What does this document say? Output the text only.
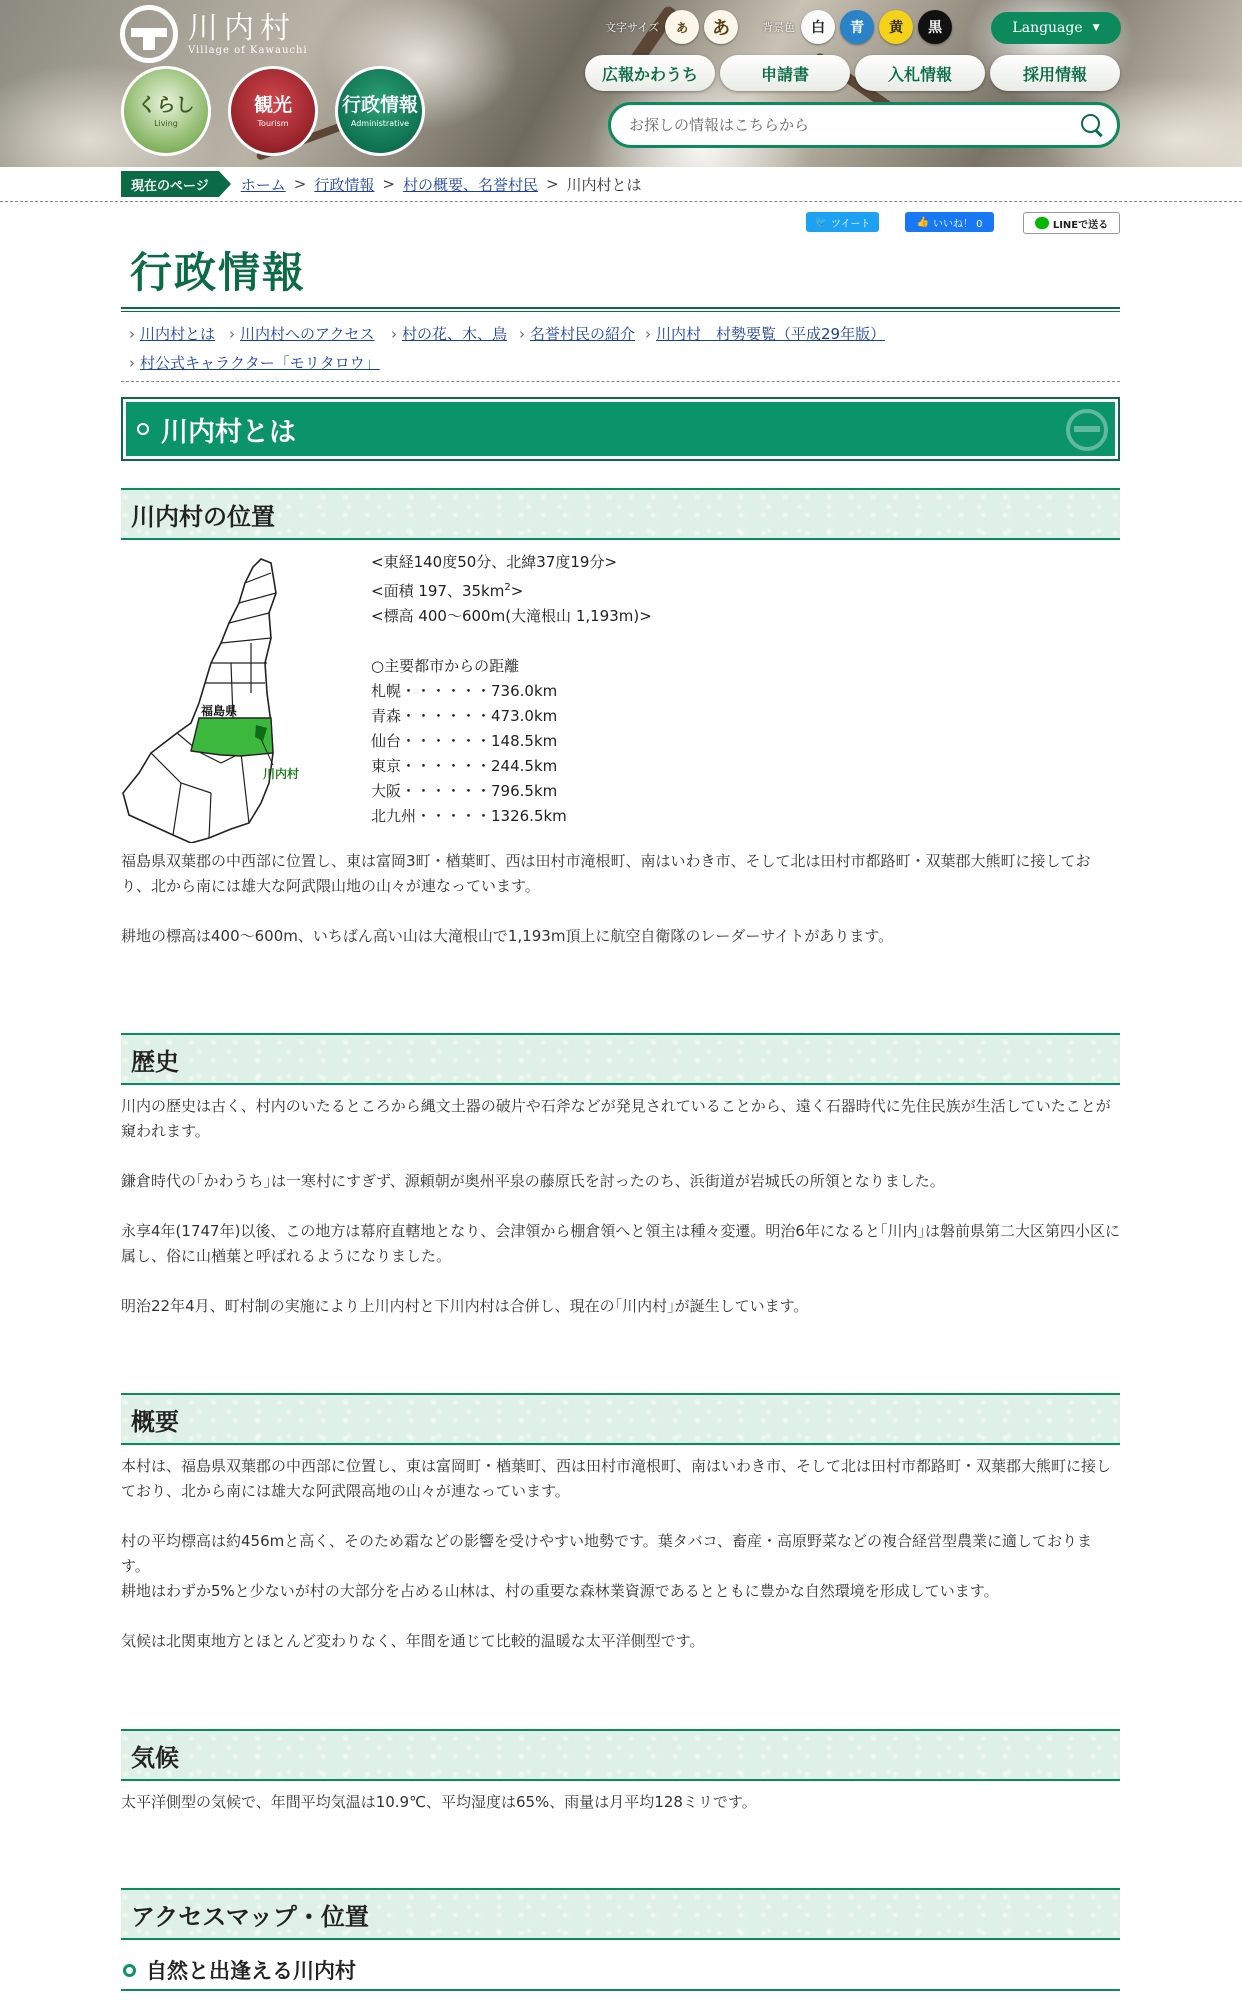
川内村
Village of Kawauchi
くらし
Living
観光
Tourism
行政情報
Administrative
文字サイズ	あ	あ	背景色	白	青	黄	黒	Language ▼
広報かわうち	申請書	入札情報	採用情報
お探しの情報はこちらから
現在のページ	ホーム > 行政情報 > 村の概要、名誉村民 > 川内村とは
🐦 ツイート	👍 いいね！ 0	LINEで送る
行政情報
› 川内村とは	› 川内村へのアクセス	› 村の花、木、鳥	› 名誉村民の紹介	› 川内村　村勢要覧（平成29年版）
› 村公式キャラクター「モリタロウ」
川内村とは
川内村の位置
福島県
川内村
<東経140度50分、北緯37度19分>
<面積 197、$35km^2>$
<標高 400～600m(大滝根山 1,193m)>
○主要都市からの距離
札幌・・・・・・736.0km
青森・・・・・・473.0km
仙台・・・・・・148.5km
東京・・・・・・244.5km
大阪・・・・・・796.5km
北九州・・・・・1326.5km

福島県双葉郡の中西部に位置し、東は富岡3町・楢葉町、西は田村市滝根町、南はいわき市、そして北は田村市都路町・双葉郡大熊町に接しており、北から南には雄大な阿武隈山地の山々が連なっています。

耕地の標高は400～600m、いちばん高い山は大滝根山で1,193m頂上に航空自衛隊のレーダーサイトがあります。

歴史

川内の歴史は古く、村内のいたるところから縄文土器の破片や石斧などが発見されていることから、遠く石器時代に先住民族が生活していたことが窺われます。

鎌倉時代の｢かわうち｣は一寒村にすぎず、源頼朝が奥州平泉の藤原氏を討ったのち、浜街道が岩城氏の所領となりました。

永享4年(1747年)以後、この地方は幕府直轄地となり、会津領から棚倉領へと領主は種々変遷。明治6年になると｢川内｣は磐前県第二大区第四小区に属し、俗に山楢葉と呼ばれるようになりました。

明治22年4月、町村制の実施により上川内村と下川内村は合併し、現在の｢川内村｣が誕生しています。

概要

本村は、福島県双葉郡の中西部に位置し、東は富岡町・楢葉町、西は田村市滝根町、南はいわき市、そして北は田村市都路町・双葉郡大熊町に接しており、北から南には雄大な阿武隈高地の山々が連なっています。

村の平均標高は約456mと高く、そのため霜などの影響を受けやすい地勢です。葉タバコ、畜産・高原野菜などの複合経営型農業に適しております。

耕地はわずか5%と少ないが村の大部分を占める山林は、村の重要な森林業資源であるとともに豊かな自然環境を形成しています。

気候は北関東地方とほとんど変わりなく、年間を通じて比較的温暖な太平洋側型です。

気候

太平洋側型の気候で、年間平均気温は10.9℃、平均湿度は65%、雨量は月平均128ミリです。

アクセスマップ・位置
自然と出逢える川内村
